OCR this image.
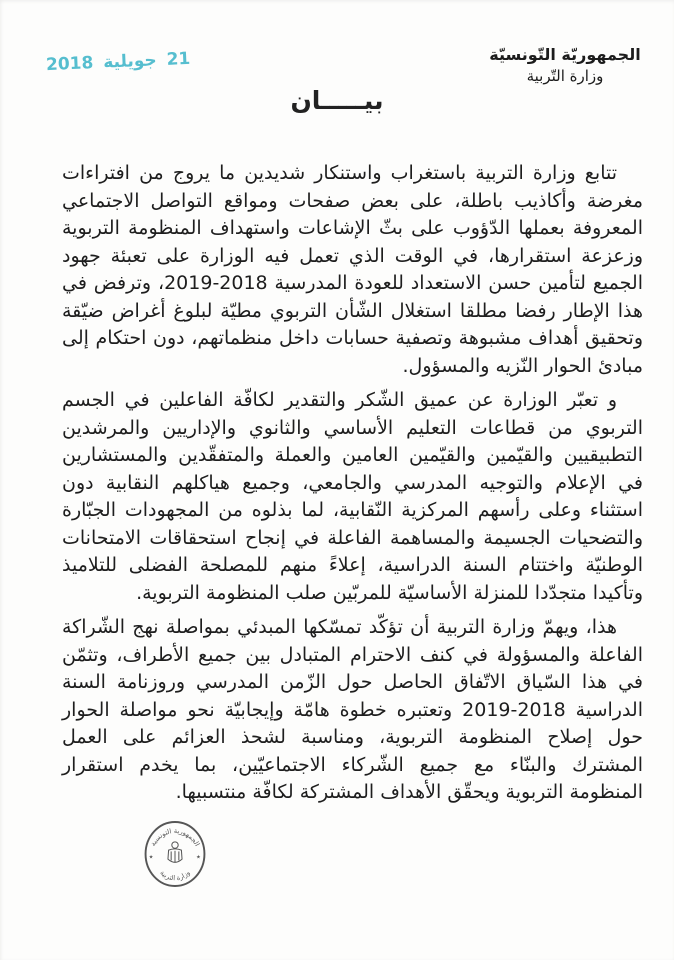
21 جويلية 2018	الجمهوريّة التّونسيّة
وزارة التّربية
بيـــــان

تتابع وزارة التربية باستغراب واستنكار شديدين ما يروج من افتراءات مغرضة وأكاذيب باطلة، على بعض صفحات ومواقع التواصل الاجتماعي المعروفة بعملها الدّؤوب على بثّ الإشاعات واستهداف المنظومة التربوية وزعزعة استقرارها، في الوقت الذي تعمل فيه الوزارة على تعبئة جهود الجميع لتأمين حسن الاستعداد للعودة المدرسية 2018-2019، وترفض في هذا الإطار رفضا مطلقا استغلال الشّأن التربوي مطيّة لبلوغ أغراض ضيّقة وتحقيق أهداف مشبوهة وتصفية حسابات داخل منظماتهم، دون احتكام إلى مبادئ الحوار النّزيه والمسؤول.

و تعبّر الوزارة عن عميق الشّكر والتقدير لكافّة الفاعلين في الجسم التربوي من قطاعات التعليم الأساسي والثانوي والإداريين والمرشدين التطبيقيين والقيّمين والقيّمين العامين والعملة والمتفقّدين والمستشارين في الإعلام والتوجيه المدرسي والجامعي، وجميع هياكلهم النقابية دون استثناء وعلى رأسهم المركزية النّقابية، لما بذلوه من المجهودات الجبّارة والتضحيات الجسيمة والمساهمة الفاعلة في إنجاح استحقاقات الامتحانات الوطنيّة واختتام السنة الدراسية، إعلاءً منهم للمصلحة الفضلى للتلاميذ وتأكيدا متجدّدا للمنزلة الأساسيّة للمربّين صلب المنظومة التربوية.

هذا، ويهمّ وزارة التربية أن تؤكّد تمسّكها المبدئي بمواصلة نهج الشّراكة الفاعلة والمسؤولة في كنف الاحترام المتبادل بين جميع الأطراف، وتثمّن في هذا السّياق الاتّفاق الحاصل حول الزّمن المدرسي وروزنامة السنة الدراسية 2018-2019 وتعتبره خطوة هامّة وإيجابيّة نحو مواصلة الحوار حول إصلاح المنظومة التربوية، ومناسبة لشحذ العزائم على العمل المشترك والبنّاء مع جميع الشّركاء الاجتماعيّين، بما يخدم استقرار المنظومة التربوية ويحقّق الأهداف المشتركة لكافّة منتسبيها.

الجمهورية التونسية
وزارة التربية
★	★
